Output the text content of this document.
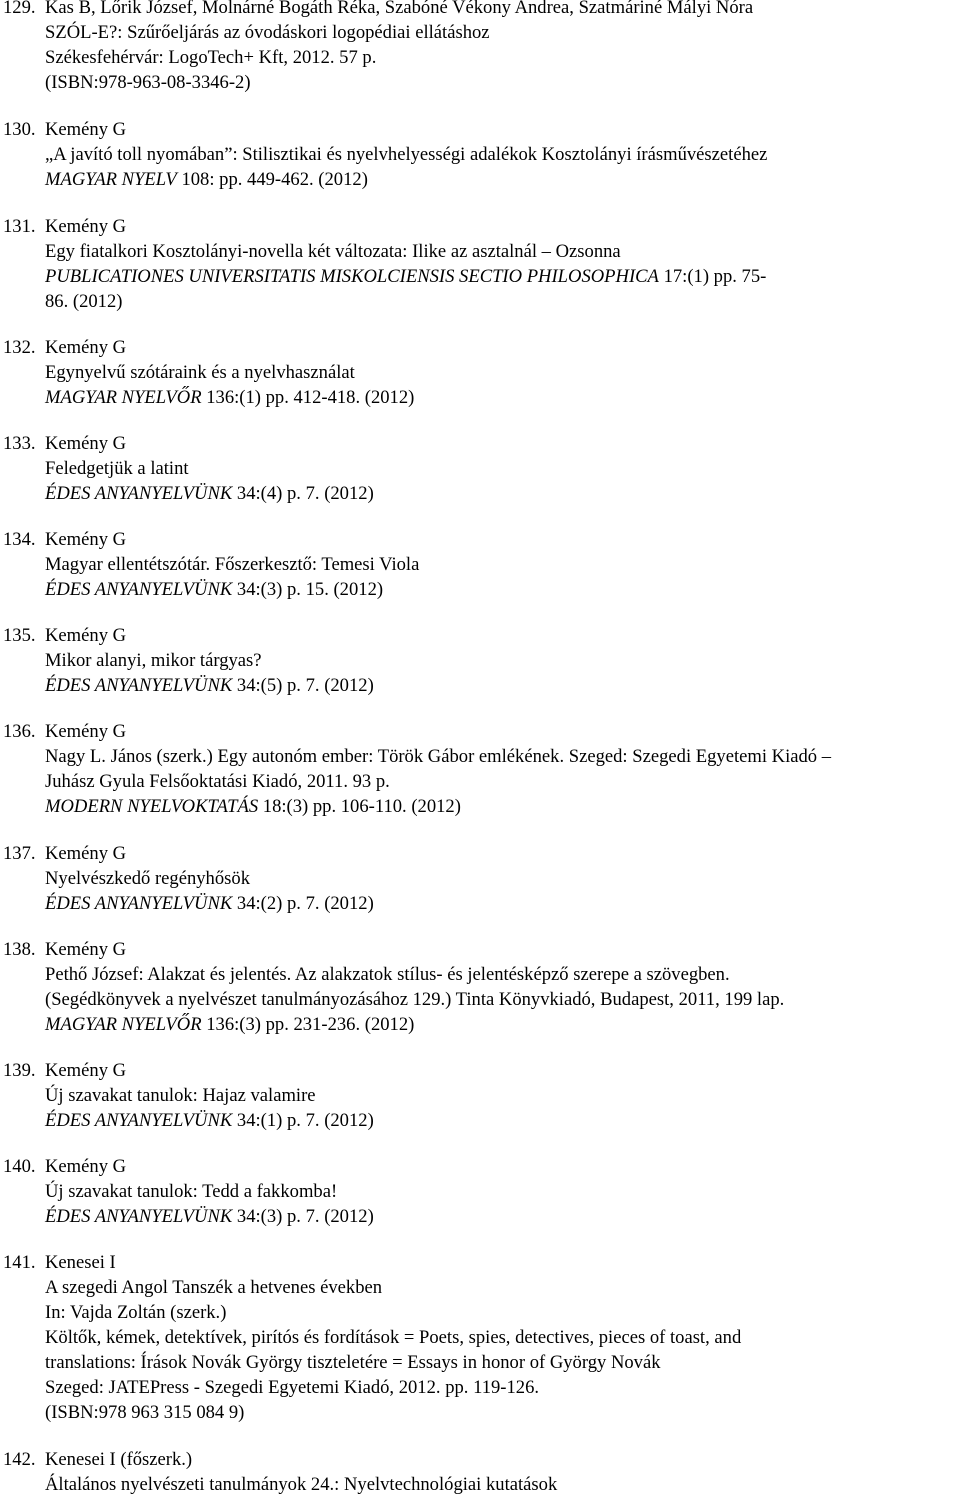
129. Kas B, Lőrik József, Molnárné Bogáth Réka, Szabóné Vékony Andrea, Szatmáriné Mályi Nóra
SZÓL-E?: Szűrőeljárás az óvodáskori logopédiai ellátáshoz
Székesfehérvár: LogoTech+ Kft, 2012. 57 p.
(ISBN:978-963-08-3346-2)
130. Kemény G
„A javító toll nyomában”: Stilisztikai és nyelvhelyességi adalékok Kosztolányi írásművészetéhez
MAGYAR NYELV 108: pp. 449-462. (2012)
131. Kemény G
Egy fiatalkori Kosztolányi-novella két változata: Ilike az asztalnál – Ozsonna
PUBLICATIONES UNIVERSITATIS MISKOLCIENSIS SECTIO PHILOSOPHICA 17:(1) pp. 75-
86. (2012)
132. Kemény G
Egynyelvű szótáraink és a nyelvhasználat
MAGYAR NYELVŐR 136:(1) pp. 412-418. (2012)
133. Kemény G
Feledgetjük a latint
ÉDES ANYANYELVÜNK 34:(4) p. 7. (2012)
134. Kemény G
Magyar ellentétszótár. Főszerkesztő: Temesi Viola
ÉDES ANYANYELVÜNK 34:(3) p. 15. (2012)
135. Kemény G
Mikor alanyi, mikor tárgyas?
ÉDES ANYANYELVÜNK 34:(5) p. 7. (2012)
136. Kemény G
Nagy L. János (szerk.) Egy autonóm ember: Török Gábor emlékének. Szeged: Szegedi Egyetemi Kiadó –
Juhász Gyula Felsőoktatási Kiadó, 2011. 93 p.
MODERN NYELVOKTATÁS 18:(3) pp. 106-110. (2012)
137. Kemény G
Nyelvészkedő regényhősök
ÉDES ANYANYELVÜNK 34:(2) p. 7. (2012)
138. Kemény G
Pethő József: Alakzat és jelentés. Az alakzatok stílus- és jelentésképző szerepe a szövegben.
(Segédkönyvek a nyelvészet tanulmányozásához 129.) Tinta Könyvkiadó, Budapest, 2011, 199 lap.
MAGYAR NYELVŐR 136:(3) pp. 231-236. (2012)
139. Kemény G
Új szavakat tanulok: Hajaz valamire
ÉDES ANYANYELVÜNK 34:(1) p. 7. (2012)
140. Kemény G
Új szavakat tanulok: Tedd a fakkomba!
ÉDES ANYANYELVÜNK 34:(3) p. 7. (2012)
141. Kenesei I
A szegedi Angol Tanszék a hetvenes években
In: Vajda Zoltán (szerk.)
Költők, kémek, detektívek, pirítós és fordítások = Poets, spies, detectives, pieces of toast, and
translations: Írások Novák György tiszteletére = Essays in honor of György Novák
Szeged: JATEPress - Szegedi Egyetemi Kiadó, 2012. pp. 119-126.
(ISBN:978 963 315 084 9)
142. Kenesei I (főszerk.)
Általános nyelvészeti tanulmányok 24.: Nyelvtechnológiai kutatások
